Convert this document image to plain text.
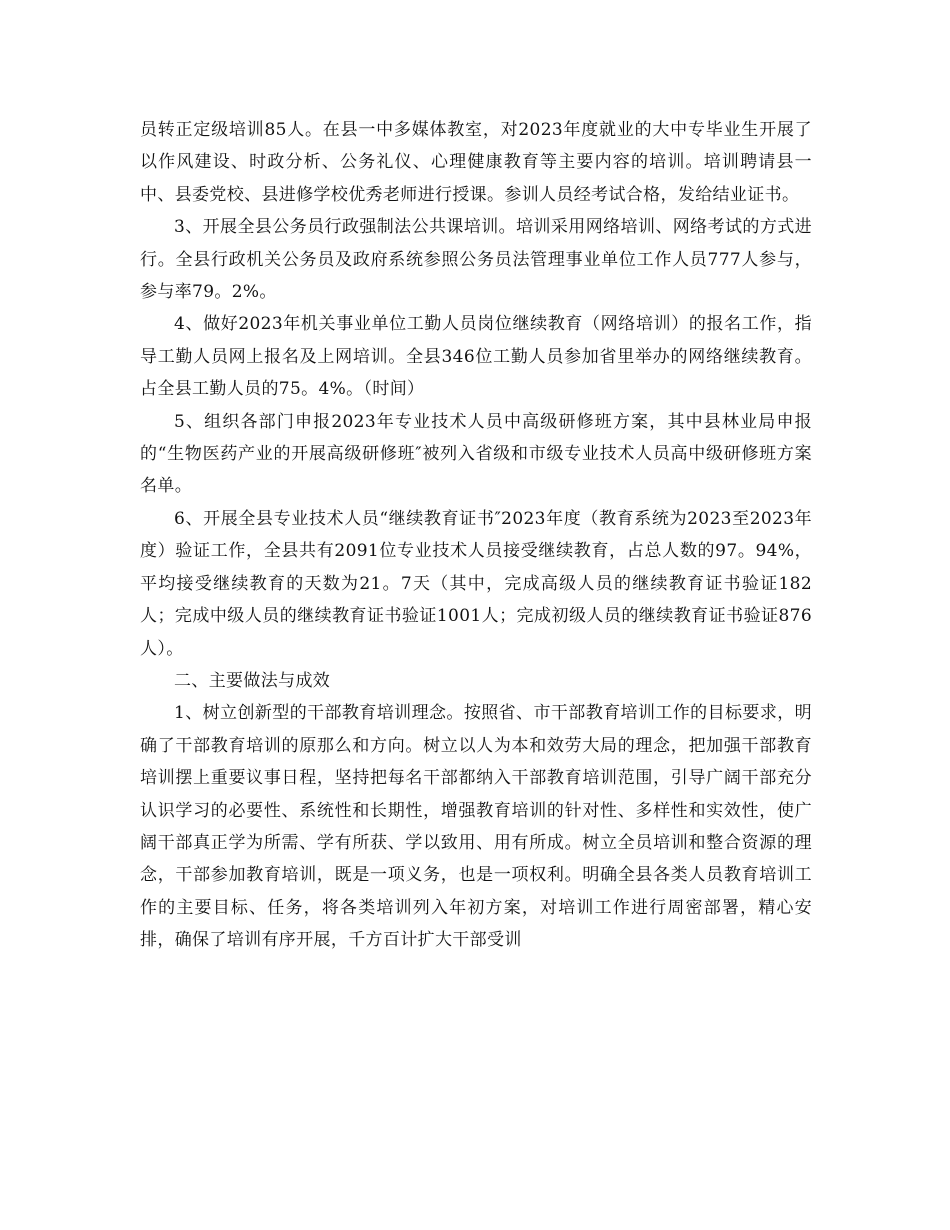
员转正定级培训85人。在县一中多媒体教室，对2023年度就业的大中专毕业生开展了以作风建设、时政分析、公务礼仪、心理健康教育等主要内容的培训。培训聘请县一中、县委党校、县进修学校优秀老师进行授课。参训人员经考试合格，发给结业证书。

3、开展全县公务员行政强制法公共课培训。培训采用网络培训、网络考试的方式进行。全县行政机关公务员及政府系统参照公务员法管理事业单位工作人员777人参与，参与率79。2%。

4、做好2023年机关事业单位工勤人员岗位继续教育（网络培训）的报名工作，指导工勤人员网上报名及上网培训。全县346位工勤人员参加省里举办的网络继续教育。占全县工勤人员的75。4%。（时间）

5、组织各部门申报2023年专业技术人员中高级研修班方案，其中县林业局申报的“生物医药产业的开展高级研修班″被列入省级和市级专业技术人员高中级研修班方案名单。

6、开展全县专业技术人员“继续教育证书″2023年度（教育系统为2023至2023年度）验证工作，全县共有2091位专业技术人员接受继续教育，占总人数的97。94%，平均接受继续教育的天数为21。7天（其中，完成高级人员的继续教育证书验证182人；完成中级人员的继续教育证书验证1001人；完成初级人员的继续教育证书验证876人）。

二、主要做法与成效

1、树立创新型的干部教育培训理念。按照省、市干部教育培训工作的目标要求，明确了干部教育培训的原那么和方向。树立以人为本和效劳大局的理念，把加强干部教育培训摆上重要议事日程，坚持把每名干部都纳入干部教育培训范围，引导广阔干部充分认识学习的必要性、系统性和长期性，增强教育培训的针对性、多样性和实效性，使广阔干部真正学为所需、学有所获、学以致用、用有所成。树立全员培训和整合资源的理念，干部参加教育培训，既是一项义务，也是一项权利。明确全县各类人员教育培训工作的主要目标、任务，将各类培训列入年初方案，对培训工作进行周密部署，精心安排，确保了培训有序开展，千方百计扩大干部受训
